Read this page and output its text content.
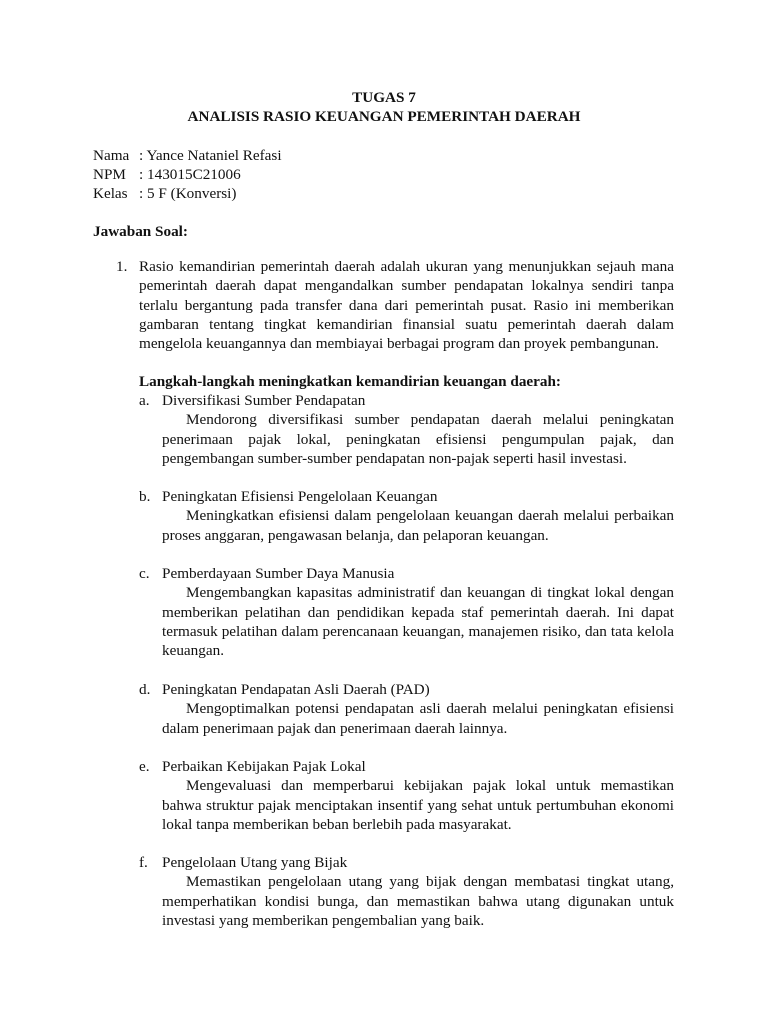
TUGAS 7
ANALISIS RASIO KEUANGAN PEMERINTAH DAERAH
Nama : Yance Nataniel Refasi
NPM : 143015C21006
Kelas : 5 F (Konversi)
Jawaban Soal:
1. Rasio kemandirian pemerintah daerah adalah ukuran yang menunjukkan sejauh mana pemerintah daerah dapat mengandalkan sumber pendapatan lokalnya sendiri tanpa terlalu bergantung pada transfer dana dari pemerintah pusat. Rasio ini memberikan gambaran tentang tingkat kemandirian finansial suatu pemerintah daerah dalam mengelola keuangannya dan membiayai berbagai program dan proyek pembangunan.
Langkah-langkah meningkatkan kemandirian keuangan daerah:
a. Diversifikasi Sumber Pendapatan
Mendorong diversifikasi sumber pendapatan daerah melalui peningkatan penerimaan pajak lokal, peningkatan efisiensi pengumpulan pajak, dan pengembangan sumber-sumber pendapatan non-pajak seperti hasil investasi.
b. Peningkatan Efisiensi Pengelolaan Keuangan
Meningkatkan efisiensi dalam pengelolaan keuangan daerah melalui perbaikan proses anggaran, pengawasan belanja, dan pelaporan keuangan.
c. Pemberdayaan Sumber Daya Manusia
Mengembangkan kapasitas administratif dan keuangan di tingkat lokal dengan memberikan pelatihan dan pendidikan kepada staf pemerintah daerah. Ini dapat termasuk pelatihan dalam perencanaan keuangan, manajemen risiko, dan tata kelola keuangan.
d. Peningkatan Pendapatan Asli Daerah (PAD)
Mengoptimalkan potensi pendapatan asli daerah melalui peningkatan efisiensi dalam penerimaan pajak dan penerimaan daerah lainnya.
e. Perbaikan Kebijakan Pajak Lokal
Mengevaluasi dan memperbarui kebijakan pajak lokal untuk memastikan bahwa struktur pajak menciptakan insentif yang sehat untuk pertumbuhan ekonomi lokal tanpa memberikan beban berlebih pada masyarakat.
f. Pengelolaan Utang yang Bijak
Memastikan pengelolaan utang yang bijak dengan membatasi tingkat utang, memperhatikan kondisi bunga, dan memastikan bahwa utang digunakan untuk investasi yang memberikan pengembalian yang baik.
